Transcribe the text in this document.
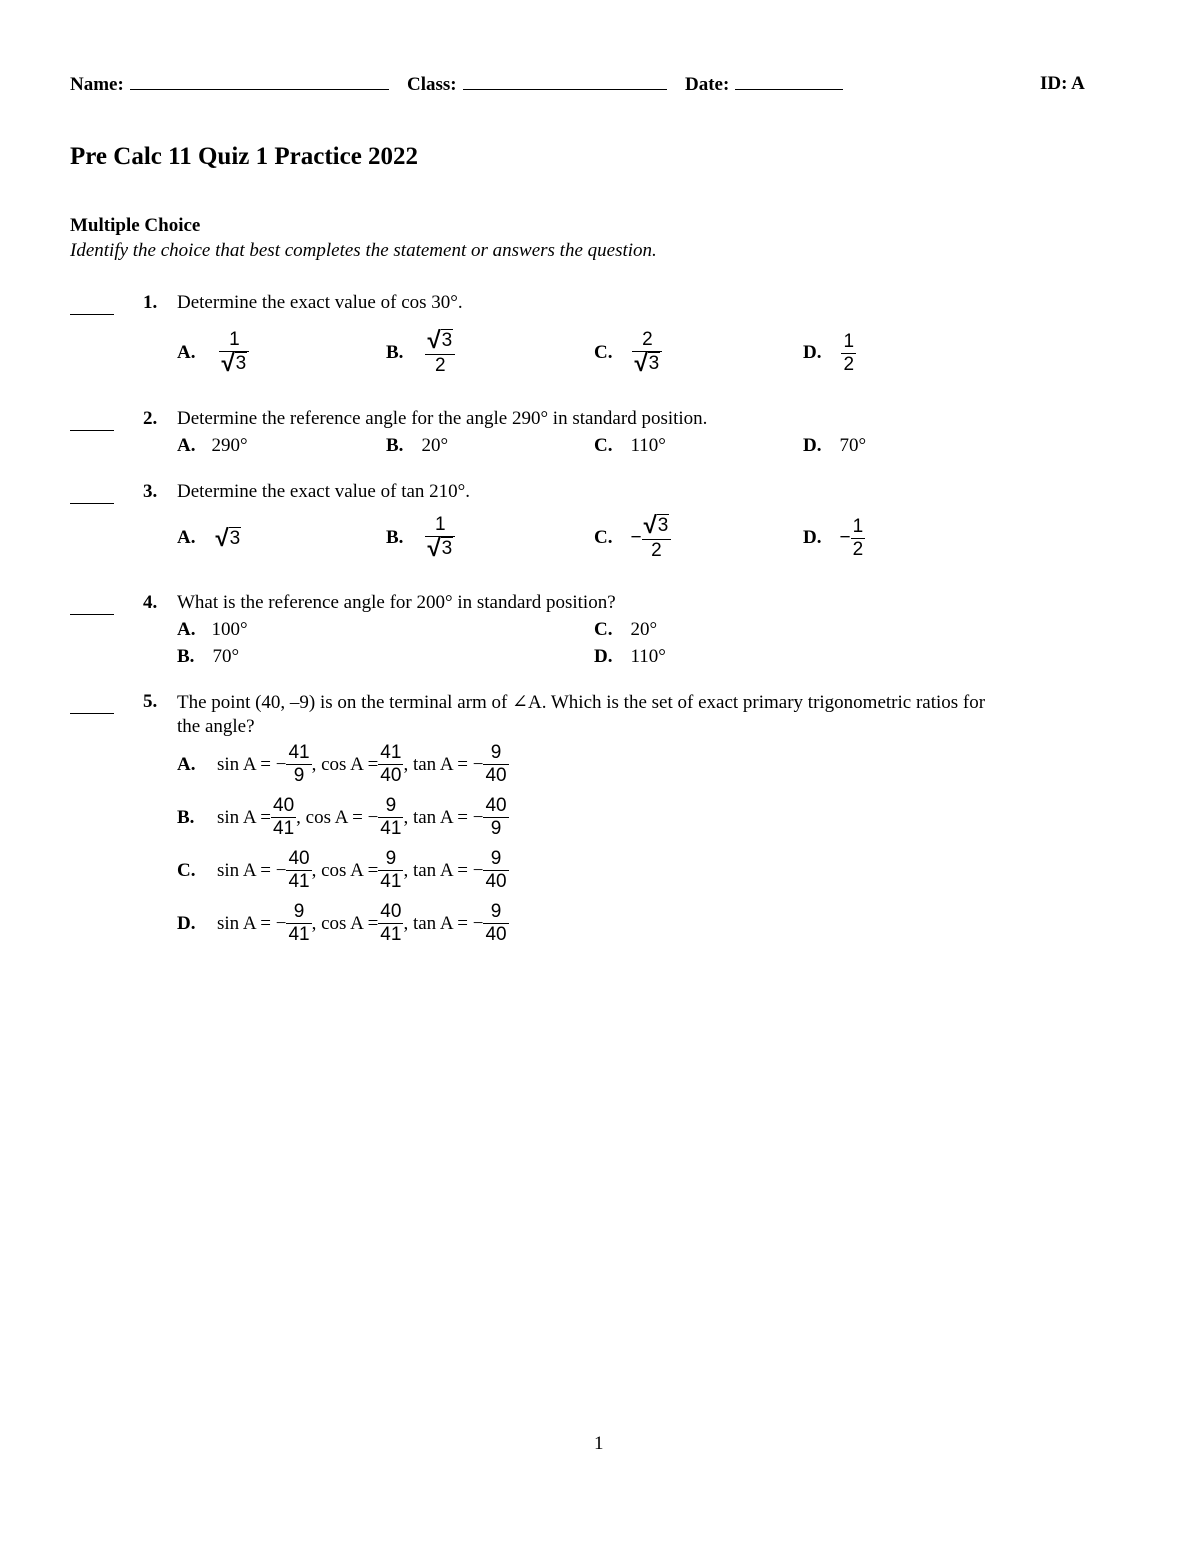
Name:	Class:	Date:	ID: A
Pre Calc 11 Quiz 1 Practice 2022
Multiple Choice
Identify the choice that best completes the statement or answers the question.
1. Determine the exact value of cos 30°.
A. $\frac{1}{√ 3}$	B. $\frac{√ 3}{2}$	C. $\frac{2}{√ 3}$	D. $\frac{1}{2}$
2. Determine the reference angle for the angle 290° in standard position.
A. 290°	B. 20°	C. 110°	D. 70°
3. Determine the exact value of tan 210°.
A. √ 3	B. $\frac{1}{√ 3}$	C. − $\frac{√ 3}{2}$	D. − $\frac{1}{2}$
4. What is the reference angle for 200° in standard position?
A. 100°	C. 20°
B. 70°	D. 110°
5. The point (40, –9) is on the terminal arm of ∠A. Which is the set of exact primary trigonometric ratios for
the angle?
A.	sin A = − $\frac{41}{9}$ , $\cos A = \frac{41}{40}$ , tan A = − $\frac{9}{40}$
B.	$\sin A = \frac{40}{41}$ , cos A = − $\frac{9}{41}$ , tan A = − $\frac{40}{9}$
C.	sin A = − $\frac{40}{41}$ , $\cos A = \frac{9}{41}$ , tan A = − $\frac{9}{40}$
D.	sin A = − $\frac{9}{41}$ , $\cos A = \frac{40}{41}$ , tan A = − $\frac{9}{40}$
1
